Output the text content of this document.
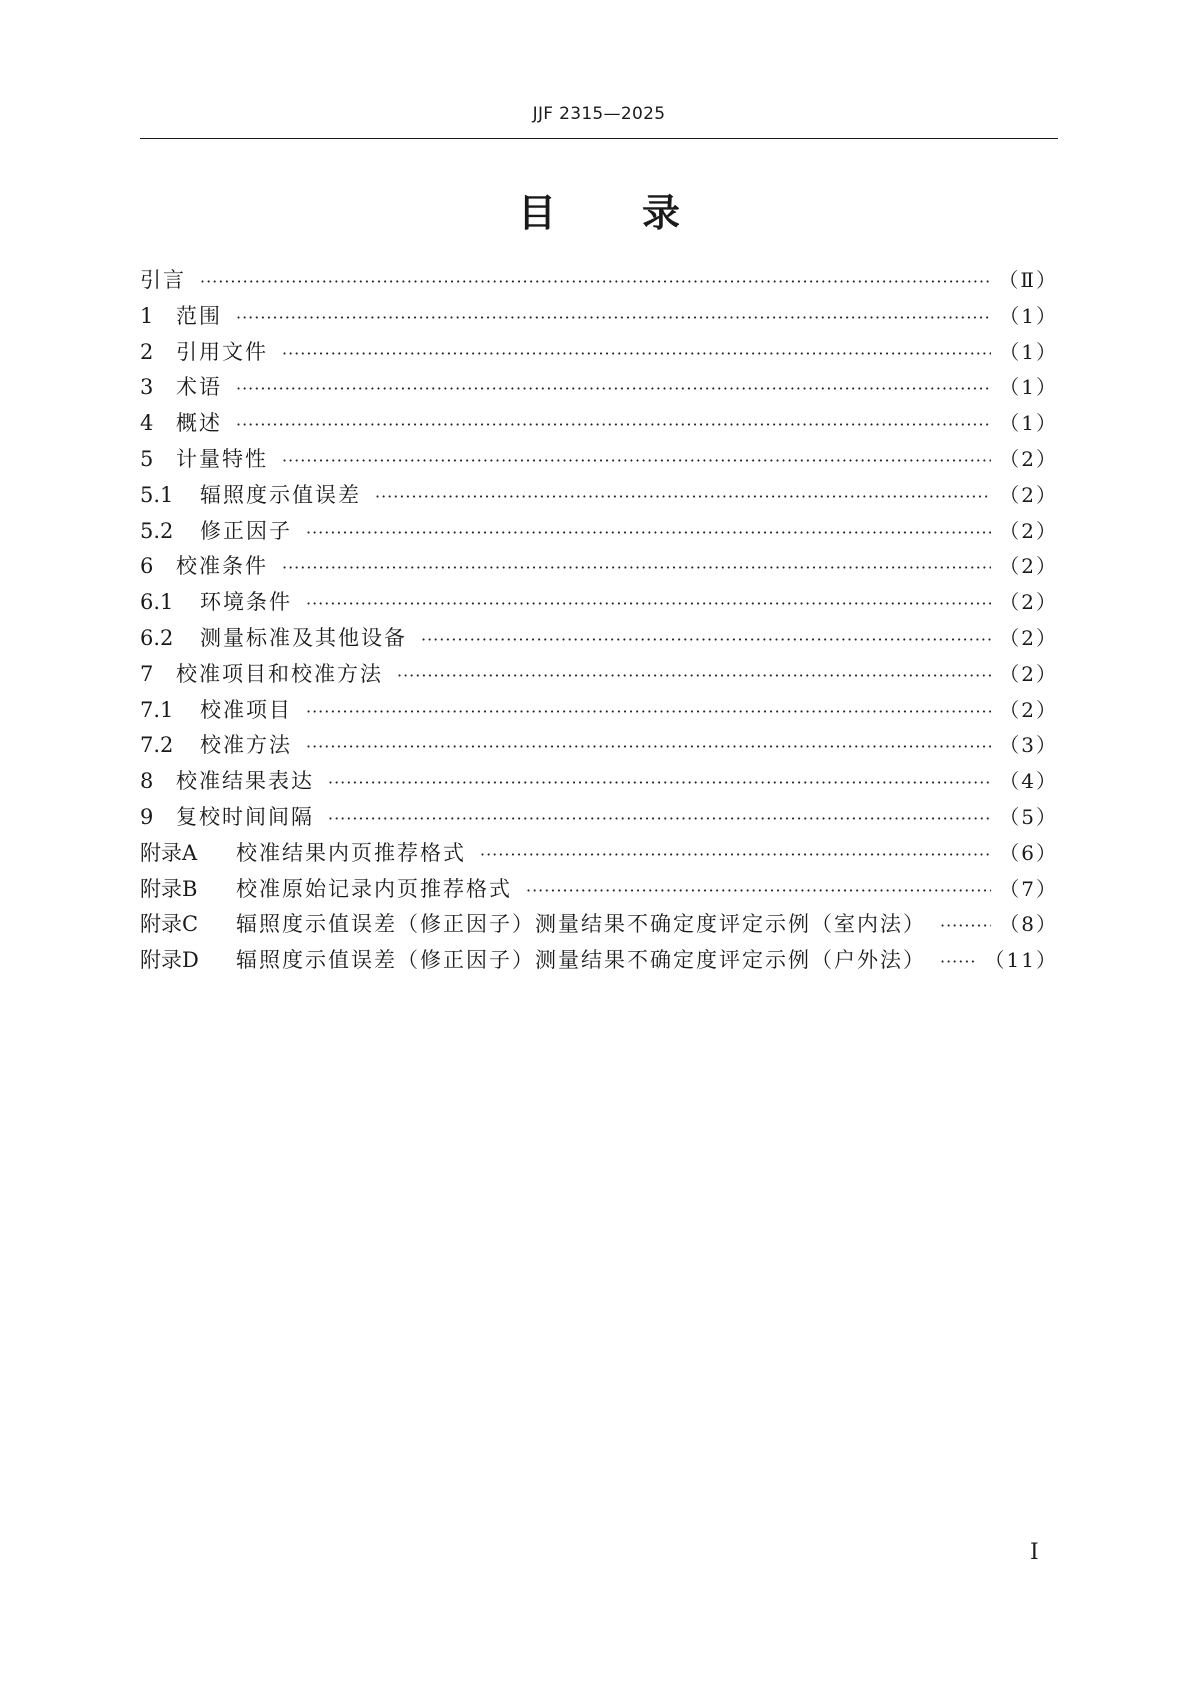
JJF 2315—2025
目 录
引言 ·····	（Ⅱ）
1	范围 ·····	（1）
2	引用文件 ·····	（1）
3	术语 ·····	（1）
4	概述 ·····	（1）
5	计量特性 ·····	（2）
5.1	辐照度示值误差 ·····	（2）
5.2	修正因子 ·····	（2）
6	校准条件 ·····	（2）
6.1	环境条件 ·····	（2）
6.2	测量标准及其他设备 ·····	（2）
7	校准项目和校准方法 ·····	（2）
7.1	校准项目 ·····	（2）
7.2	校准方法 ·····	（3）
8	校准结果表达 ·····	（4）
9	复校时间间隔 ·····	（5）
附录A	校准结果内页推荐格式 ·····	（6）
附录B	校准原始记录内页推荐格式 ·····	（7）
附录C	辐照度示值误差（修正因子）测量结果不确定度评定示例（室内法） ·····	（8）
附录D	辐照度示值误差（修正因子）测量结果不确定度评定示例（户外法） ·····	（11）
Ⅰ
